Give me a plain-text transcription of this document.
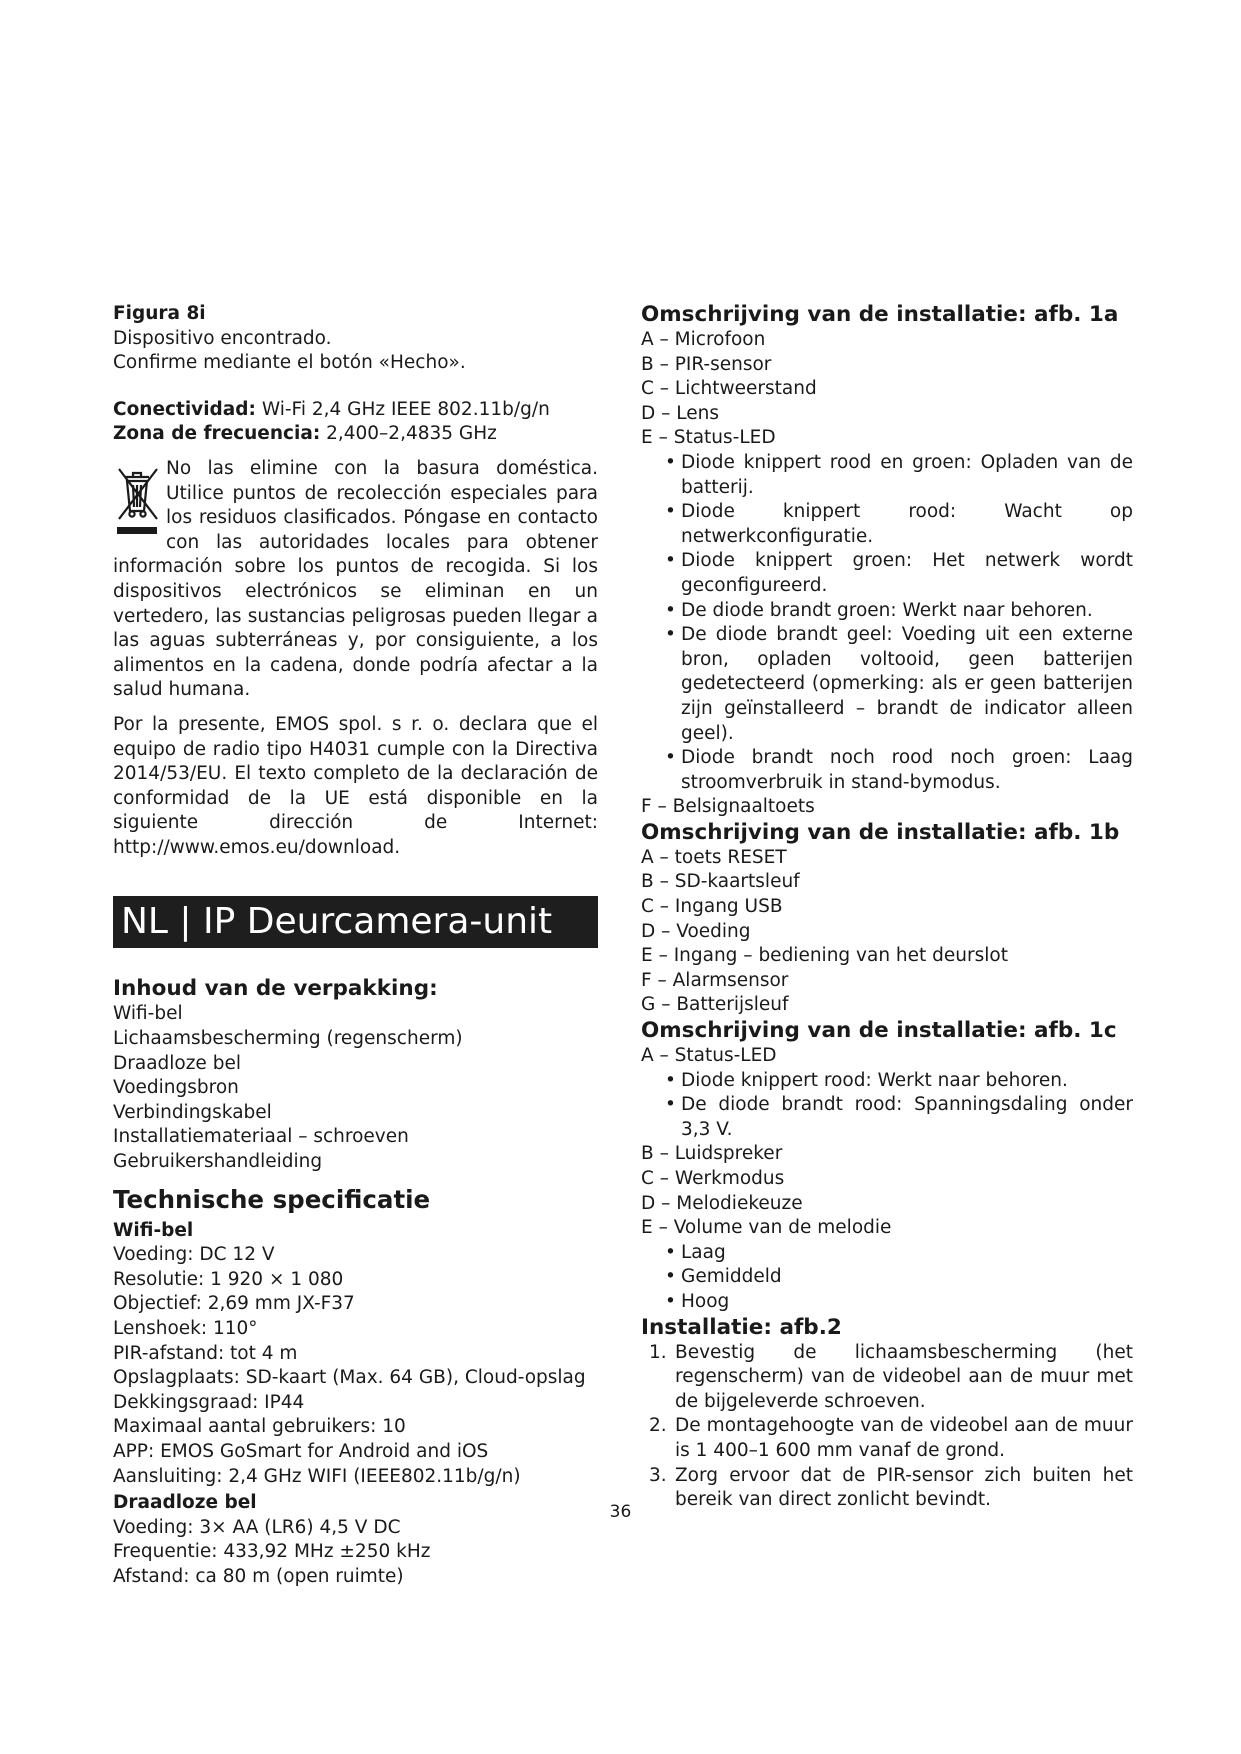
Figura 8i

Dispositivo encontrado.

Confirme mediante el botón «Hecho».

Conectividad: Wi-Fi 2,4 GHz IEEE 802.11b/g/n

Zona de frecuencia: 2,400–2,4835 GHz

No las elimine con la basura doméstica. Utilice puntos de recolección especiales para los residuos clasificados. Póngase en contacto con las autoridades locales para obtener información sobre los puntos de recogida. Si los dispositivos electrónicos se eliminan en un vertedero, las sustancias peligrosas pueden llegar a las aguas subterráneas y, por consiguiente, a los alimentos en la cadena, donde podría afectar a la salud humana.

Por la presente, EMOS spol. s r. o. declara que el equipo de radio tipo H4031 cumple con la Directiva 2014/53/EU. El texto completo de la declaración de conformidad de la UE está disponible en la siguiente dirección de Internet: http://www.emos.eu/download.

NL | IP Deurcamera-unit
Inhoud van de verpakking:

Wifi-bel

Lichaamsbescherming (regenscherm)

Draadloze bel

Voedingsbron

Verbindingskabel

Installatiemateriaal – schroeven

Gebruikershandleiding

Technische specificatie
Wifi-bel

Voeding: DC 12 V

Resolutie: 1 920 × 1 080

Objectief: 2,69 mm JX-F37

Lenshoek: 110°

PIR-afstand: tot 4 m

Opslagplaats: SD-kaart (Max. 64 GB), Cloud-opslag

Dekkingsgraad: IP44

Maximaal aantal gebruikers: 10

APP: EMOS GoSmart for Android and iOS

Aansluiting: 2,4 GHz WIFI (IEEE802.11b/g/n)

Draadloze bel

Voeding: 3× AA (LR6) 4,5 V DC

Frequentie: 433,92 MHz ±250 kHz

Afstand: ca 80 m (open ruimte)

Omschrijving van de installatie: afb. 1a

A – Microfoon

B – PIR-sensor

C – Lichtweerstand

D – Lens

E – Status-LED

• Diode knippert rood en groen: Opladen van de batterij.
• Diode knippert rood: Wacht op netwerkconfiguratie.
• Diode knippert groen: Het netwerk wordt geconfigureerd.
• De diode brandt groen: Werkt naar behoren.
• De diode brandt geel: Voeding uit een externe bron, opladen voltooid, geen batterijen gedetecteerd (opmerking: als er geen batterijen zijn geïnstalleerd – brandt de indicator alleen geel).
• Diode brandt noch rood noch groen: Laag stroomverbruik in stand-bymodus.

F – Belsignaaltoets

Omschrijving van de installatie: afb. 1b

A – toets RESET

B – SD-kaartsleuf

C – Ingang USB

D – Voeding

E – Ingang – bediening van het deurslot

F – Alarmsensor

G – Batterijsleuf

Omschrijving van de installatie: afb. 1c

A – Status-LED

• Diode knippert rood: Werkt naar behoren.
• De diode brandt rood: Spanningsdaling onder 3,3 V.

B – Luidspreker

C – Werkmodus

D – Melodiekeuze

E – Volume van de melodie

• Laag
• Gemiddeld
• Hoog
Installatie: afb.2
1. Bevestig de lichaamsbescherming (het regenscherm) van de videobel aan de muur met de bijgeleverde schroeven.
2. De montagehoogte van de videobel aan de muur is 1 400–1 600 mm vanaf de grond.
3. Zorg ervoor dat de PIR-sensor zich buiten het bereik van direct zonlicht bevindt.
36
